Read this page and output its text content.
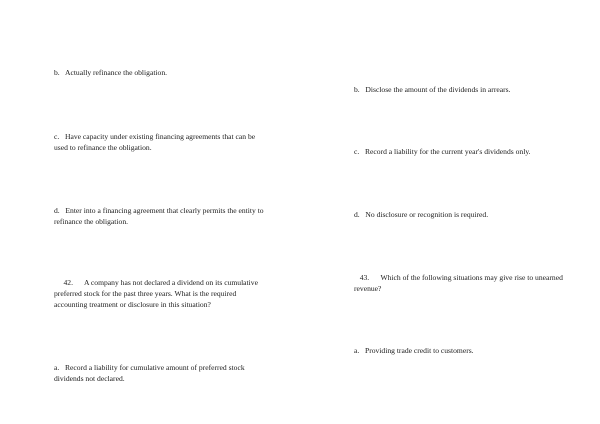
b.   Actually refinance the obligation.
c.   Have capacity under existing financing agreements that can be used to refinance the obligation.
d.   Enter into a financing agreement that clearly permits the entity to refinance the obligation.
42.      A company has not declared a dividend on its cumulative preferred stock for the past three years. What is the required accounting treatment or disclosure in this situation?
a.   Record a liability for cumulative amount of preferred stock dividends not declared.
b.   Disclose the amount of the dividends in arrears.
c.   Record a liability for the current year's dividends only.
d.   No disclosure or recognition is required.
43.      Which of the following situations may give rise to unearned revenue?
a.   Providing trade credit to customers.
